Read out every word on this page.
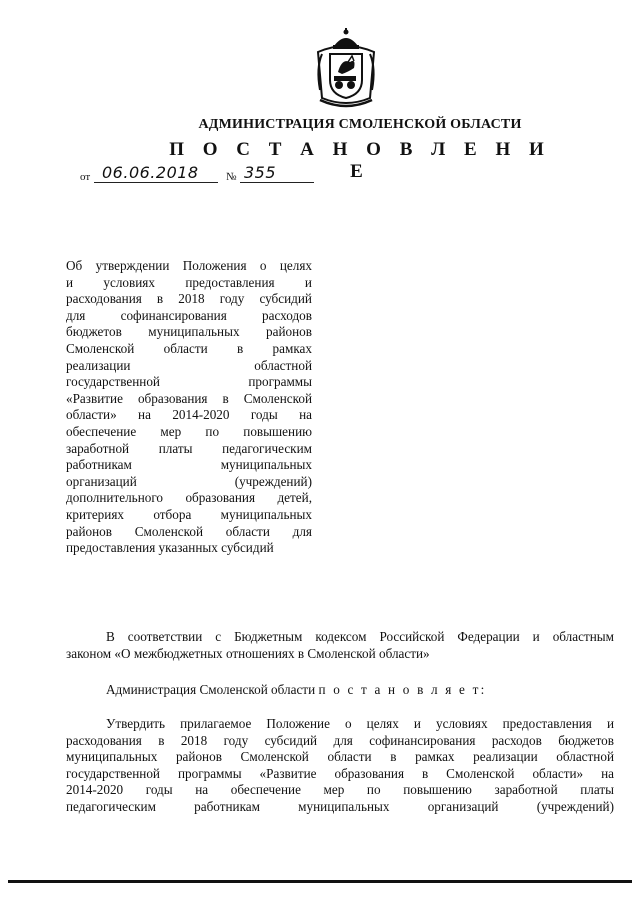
АДМИНИСТРАЦИЯ СМОЛЕНСКОЙ ОБЛАСТИ
П О С Т А Н О В Л Е Н И Е
от 06.06.2018 № 355
Об утверждении Положения о целях
и условиях предоставления и
расходования в 2018 году субсидий
для софинансирования расходов
бюджетов муниципальных районов
Смоленской области в рамках
реализации областной
государственной программы
«Развитие образования в Смоленской
области» на 2014-2020 годы на
обеспечение мер по повышению
заработной платы педагогическим
работникам муниципальных
организаций (учреждений)
дополнительного образования детей,
критериях отбора муниципальных
районов Смоленской области для
предоставления указанных субсидий
В соответствии с Бюджетным кодексом Российской Федерации и областным
законом «О межбюджетных отношениях в Смоленской области»
Администрация Смоленской области п о с т а н о в л я е т:
Утвердить прилагаемое Положение о целях и условиях предоставления и
расходования в 2018 году субсидий для софинансирования расходов бюджетов
муниципальных районов Смоленской области в рамках реализации областной
государственной программы «Развитие образования в Смоленской области» на
2014-2020 годы на обеспечение мер по повышению заработной платы
педагогическим работникам муниципальных организаций (учреждений)
